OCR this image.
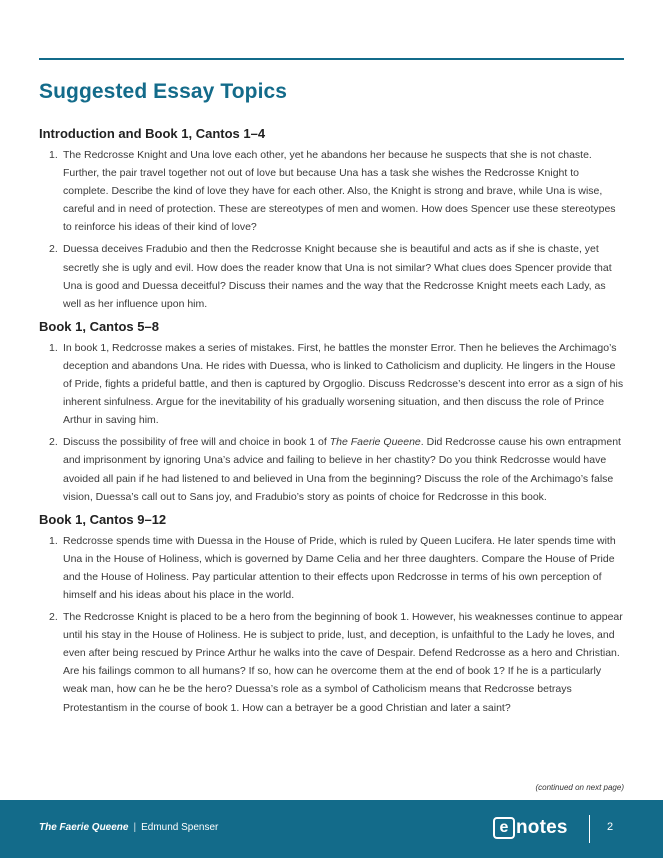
Suggested Essay Topics
Introduction and Book 1, Cantos 1–4
1. The Redcrosse Knight and Una love each other, yet he abandons her because he suspects that she is not chaste. Further, the pair travel together not out of love but because Una has a task she wishes the Redcrosse Knight to complete. Describe the kind of love they have for each other. Also, the Knight is strong and brave, while Una is wise, careful and in need of protection. These are stereotypes of men and women. How does Spencer use these stereotypes to reinforce his ideas of their kind of love?
2. Duessa deceives Fradubio and then the Redcrosse Knight because she is beautiful and acts as if she is chaste, yet secretly she is ugly and evil. How does the reader know that Una is not similar? What clues does Spencer provide that Una is good and Duessa deceitful? Discuss their names and the way that the Redcrosse Knight meets each Lady, as well as her influence upon him.
Book 1, Cantos 5–8
1. In book 1, Redcrosse makes a series of mistakes. First, he battles the monster Error. Then he believes the Archimago’s deception and abandons Una. He rides with Duessa, who is linked to Catholicism and duplicity. He lingers in the House of Pride, fights a prideful battle, and then is captured by Orgoglio. Discuss Redcrosse’s descent into error as a sign of his inherent sinfulness. Argue for the inevitability of his gradually worsening situation, and then discuss the role of Prince Arthur in saving him.
2. Discuss the possibility of free will and choice in book 1 of The Faerie Queene. Did Redcrosse cause his own entrapment and imprisonment by ignoring Una’s advice and failing to believe in her chastity? Do you think Redcrosse would have avoided all pain if he had listened to and believed in Una from the beginning? Discuss the role of the Archimago’s false vision, Duessa’s call out to Sans joy, and Fradubio’s story as points of choice for Redcrosse in this book.
Book 1, Cantos 9–12
1. Redcrosse spends time with Duessa in the House of Pride, which is ruled by Queen Lucifera. He later spends time with Una in the House of Holiness, which is governed by Dame Celia and her three daughters. Compare the House of Pride and the House of Holiness. Pay particular attention to their effects upon Redcrosse in terms of his own perception of himself and his ideas about his place in the world.
2. The Redcrosse Knight is placed to be a hero from the beginning of book 1. However, his weaknesses continue to appear until his stay in the House of Holiness. He is subject to pride, lust, and deception, is unfaithful to the Lady he loves, and even after being rescued by Prince Arthur he walks into the cave of Despair. Defend Redcrosse as a hero and Christian. Are his failings common to all humans? If so, how can he overcome them at the end of book 1? If he is a particularly weak man, how can he be the hero? Duessa’s role as a symbol of Catholicism means that Redcrosse betrays Protestantism in the course of book 1. How can a betrayer be a good Christian and later a saint?
(continued on next page)
The Faerie Queene | Edmund Spenser	e notes	2
